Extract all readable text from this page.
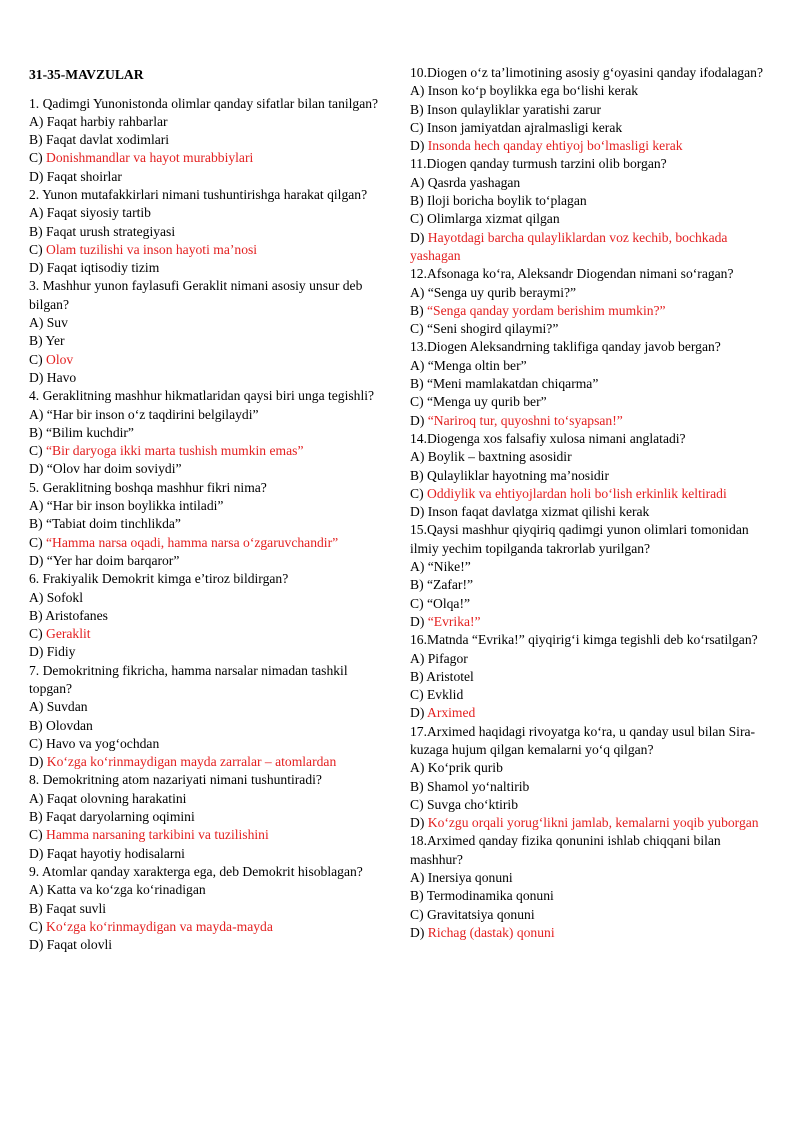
31-35-MAVZULAR
1. Qadimgi Yunonistonda olimlar qanday sifatlar bilan tanilgan?
A) Faqat harbiy rahbarlar
B) Faqat davlat xodimlari
C) Donishmandlar va hayot murabbiylari
D) Faqat shoirlar
2. Yunon mutafakkirlari nimani tushuntirishga harakat qilgan?
A) Faqat siyosiy tartib
B) Faqat urush strategiyasi
C) Olam tuzilishi va inson hayoti ma’nosi
D) Faqat iqtisodiy tizim
3. Mashhur yunon faylasufi Geraklit nimani asosiy unsur deb bilgan?
A) Suv
B) Yer
C) Olov
D) Havo
4. Geraklitning mashhur hikmatlaridan qaysi biri unga tegishli?
A) “Har bir inson o‘z taqdirini belgilaydi”
B) “Bilim kuchdir”
C) “Bir daryoga ikki marta tushish mumkin emas”
D) “Olov har doim soviydi”
5. Geraklitning boshqa mashhur fikri nima?
A) “Har bir inson boylikka intiladi”
B) “Tabiat doim tinchlikda”
C) “Hamma narsa oqadi, hamma narsa o‘zgaruvchandir”
D) “Yer har doim barqaror”
6. Frakiyalik Demokrit kimga e’tiroz bildirgan?
A) Sofokl
B) Aristofanes
C) Geraklit
D) Fidiy
7. Demokritning fikricha, hamma narsalar nimadan tashkil topgan?
A) Suvdan
B) Olovdan
C) Havo va yog‘ochdan
D) Ko‘zga ko‘rinmaydigan mayda zarralar – atomlardan
8. Demokritning atom nazariyati nimani tushuntiradi?
A) Faqat olovning harakatini
B) Faqat daryolarning oqimini
C) Hamma narsaning tarkibini va tuzilishini
D) Faqat hayotiy hodisalarni
9. Atomlar qanday xarakterga ega, deb Demokrit hisoblagan?
A) Katta va ko‘zga ko‘rinadigan
B) Faqat suvli
C) Ko‘zga ko‘rinmaydigan va mayda-mayda
D) Faqat olovli
10.Diogen o‘z ta’limotining asosiy g‘oyasini qanday ifodalagan?
A) Inson ko‘p boylikka ega bo‘lishi kerak
B) Inson qulayliklar yaratishi zarur
C) Inson jamiyatdan ajralmasligi kerak
D) Insonda hech qanday ehtiyoj bo‘lmasligi kerak
11.Diogen qanday turmush tarzini olib borgan?
A) Qasrda yashagan
B) Iloji boricha boylik to‘plagan
C) Olimlarga xizmat qilgan
D) Hayotdagi barcha qulayliklardan voz kechib, bochkada yashagan
12.Afsonaga ko‘ra, Aleksandr Diogendan nimani so‘ragan?
A) “Senga uy qurib beraymi?”
B) “Senga qanday yordam berishim mumkin?”
C) “Seni shogird qilaymi?”
13.Diogen Aleksandrning taklifiga qanday javob bergan?
A) “Menga oltin ber”
B) “Meni mamlakatdan chiqarma”
C) “Menga uy qurib ber”
D) “Nariroq tur, quyoshni to‘syapsan!”
14.Diogenga xos falsafiy xulosa nimani anglatadi?
A) Boylik – baxtning asosidir
B) Qulayliklar hayotning ma’nosidir
C) Oddiylik va ehtiyojlardan holi bo‘lish erkinlik keltiradi
D) Inson faqat davlatga xizmat qilishi kerak
15.Qaysi mashhur qiyqiriq qadimgi yunon olimlari tomonidan ilmiy yechim topilganda takrorlab yurilgan?
A) “Nike!”
B) “Zafar!”
C) “Olqa!”
D) “Evrika!”
16.Matnda “Evrika!” qiyqirig‘i kimga tegishli deb ko‘rsatilgan?
A) Pifagor
B) Aristotel
C) Evklid
D) Arximed
17.Arximed haqidagi rivoyatga ko‘ra, u qanday usul bilan Sira-kuzaga hujum qilgan kemalarni yo‘q qilgan?
A) Ko‘prik qurib
B) Shamol yo‘naltirib
C) Suvga cho‘ktirib
D) Ko‘zgu orqali yorug‘likni jamlab, kemalarni yoqib yuborgan
18.Arximed qanday fizika qonunini ishlab chiqqani bilan mashhur?
A) Inersiya qonuni
B) Termodinamika qonuni
C) Gravitatsiya qonuni
D) Richag (dastak) qonuni
